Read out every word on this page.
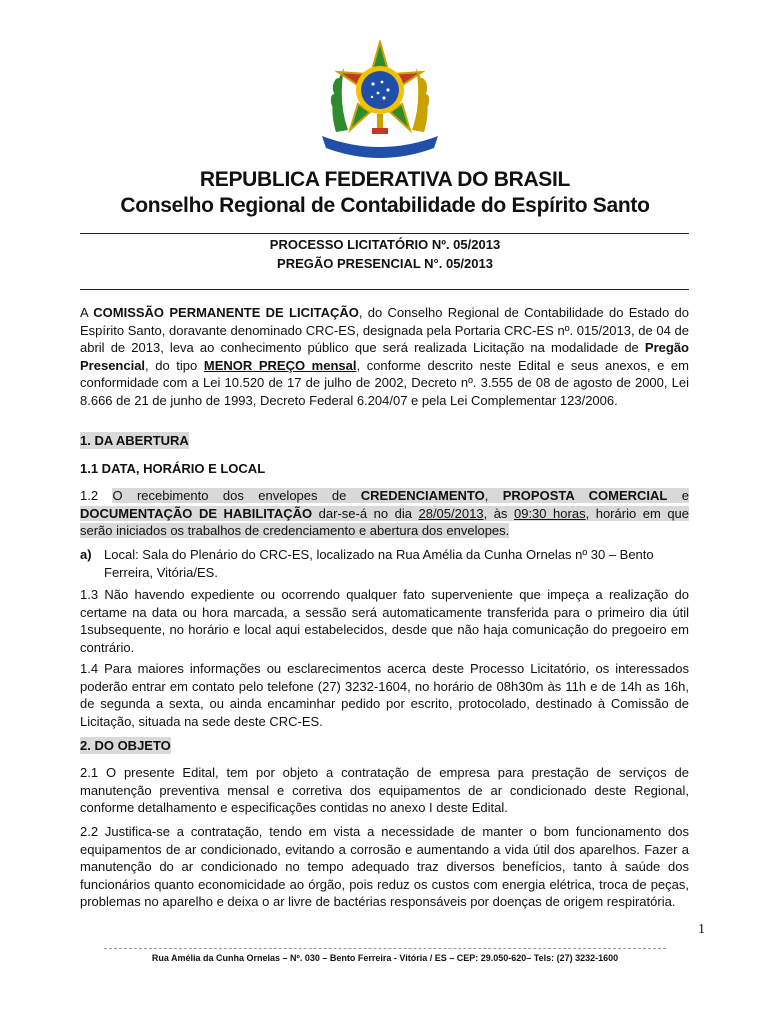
REPUBLICA FEDERATIVA DO BRASIL
Conselho Regional de Contabilidade do Espírito Santo
PROCESSO LICITATÓRIO Nº. 05/2013
PREGÃO PRESENCIAL N°. 05/2013
A COMISSÃO PERMANENTE DE LICITAÇÃO, do Conselho Regional de Contabilidade do Estado do Espírito Santo, doravante denominado CRC-ES, designada pela Portaria CRC-ES nº. 015/2013, de 04 de abril de 2013, leva ao conhecimento público que será realizada Licitação na modalidade de Pregão Presencial, do tipo MENOR PREÇO mensal, conforme descrito neste Edital e seus anexos, e em conformidade com a Lei 10.520 de 17 de julho de 2002, Decreto nº. 3.555 de 08 de agosto de 2000, Lei 8.666 de 21 de junho de 1993, Decreto Federal 6.204/07 e pela Lei Complementar 123/2006.
1. DA ABERTURA
1.1 DATA, HORÁRIO E LOCAL
1.2 O recebimento dos envelopes de CREDENCIAMENTO, PROPOSTA COMERCIAL e DOCUMENTAÇÃO DE HABILITAÇÃO dar-se-á no dia 28/05/2013, às 09:30 horas, horário em que serão iniciados os trabalhos de credenciamento e abertura dos envelopes.
a) Local: Sala do Plenário do CRC-ES, localizado na Rua Amélia da Cunha Ornelas nº 30 – Bento Ferreira, Vitória/ES.
1.3 Não havendo expediente ou ocorrendo qualquer fato superveniente que impeça a realização do certame na data ou hora marcada, a sessão será automaticamente transferida para o primeiro dia útil 1subsequente, no horário e local aqui estabelecidos, desde que não haja comunicação do pregoeiro em contrário.
1.4 Para maiores informações ou esclarecimentos acerca deste Processo Licitatório, os interessados poderão entrar em contato pelo telefone (27) 3232-1604, no horário de 08h30m às 11h e de 14h as 16h, de segunda a sexta, ou ainda encaminhar pedido por escrito, protocolado, destinado à Comissão de Licitação, situada na sede deste CRC-ES.
2. DO OBJETO
2.1 O presente Edital, tem por objeto a contratação de empresa para prestação de serviços de manutenção preventiva mensal e corretiva dos equipamentos de ar condicionado deste Regional, conforme detalhamento e especificações contidas no anexo I deste Edital.
2.2 Justifica-se a contratação, tendo em vista a necessidade de manter o bom funcionamento dos equipamentos de ar condicionado, evitando a corrosão e aumentando a vida útil dos aparelhos. Fazer a manutenção do ar condicionado no tempo adequado traz diversos benefícios, tanto à saúde dos funcionários quanto economicidade ao órgão, pois reduz os custos com energia elétrica, troca de peças, problemas no aparelho e deixa o ar livre de bactérias responsáveis por doenças de origem respiratória.
1
Rua Amélia da Cunha Ornelas – Nº. 030 – Bento Ferreira - Vitória / ES – CEP: 29.050-620– Tels: (27) 3232-1600
